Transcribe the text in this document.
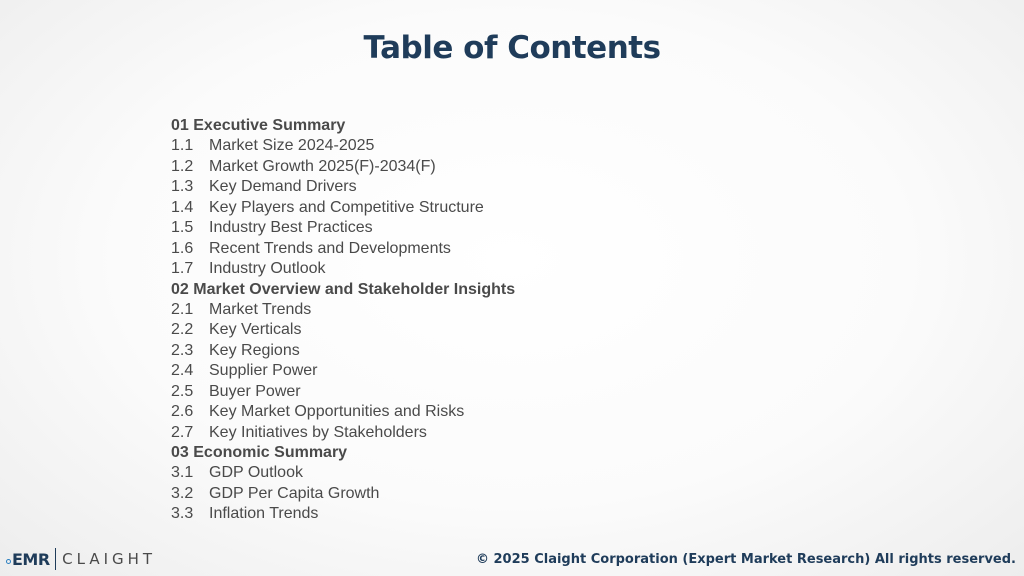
Table of Contents
01 Executive Summary
1.1 Market Size 2024-2025
1.2 Market Growth 2025(F)-2034(F)
1.3 Key Demand Drivers
1.4 Key Players and Competitive Structure
1.5 Industry Best Practices
1.6 Recent Trends and Developments
1.7 Industry Outlook
02 Market Overview and Stakeholder Insights
2.1 Market Trends
2.2 Key Verticals
2.3 Key Regions
2.4 Supplier Power
2.5 Buyer Power
2.6 Key Market Opportunities and Risks
2.7 Key Initiatives by Stakeholders
03 Economic Summary
3.1 GDP Outlook
3.2 GDP Per Capita Growth
3.3 Inflation Trends
EMR CLAIGHT	© 2025 Claight Corporation (Expert Market Research) All rights reserved.
